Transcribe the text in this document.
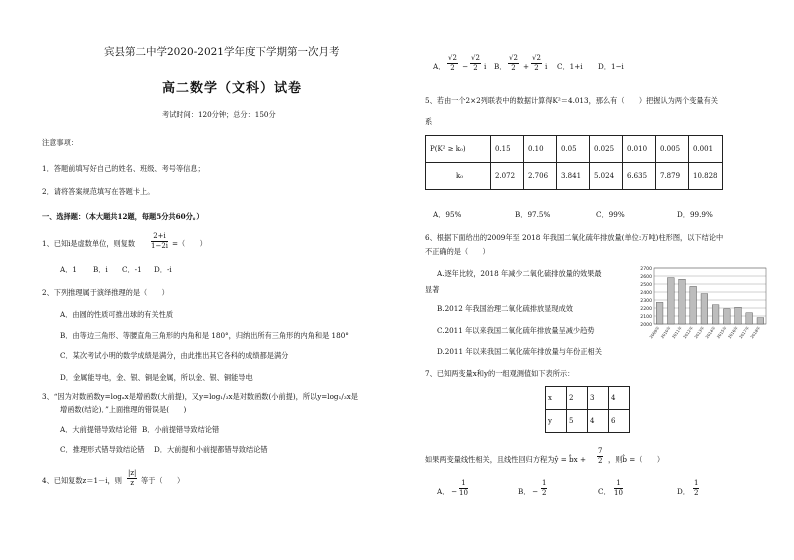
宾县第二中学2020-2021学年度下学期第一次月考
高二数学（文科）试卷
考试时间：120分钟；总分：150分
注意事项：
1．答题前填写好自己的姓名、班级、考号等信息；
2．请将答案规范填写在答题卡上。
一、选择题：（本大题共12题，每题5分共60分。）
1、已知i是虚数单位，则复数 $\frac{2+i}{1-2i}$ =（　　）
A．1 B．i C．-1 D．-i
2、下列推理属于演绎推理的是（　　）
A．由圆的性质可推出球的有关性质
B．由等边三角形、等腰直角三角形的内角和是 180°，归纳出所有三角形的内角和是 180°
C．某次考试小明的数学成绩是满分，由此推出其它各科的成绩都是满分
D．金属能导电，金、银、铜是金属，所以金、银、铜能导电
3、“因为对数函数y=logₐx是增函数(大前提)，又y=log₁/₃x是对数函数(小前提)，所以y=log₁/₃x是
增函数(结论)．”上面推理的错误是(　　)
A．大前提错导致结论错 B．小前提错导致结论错
C．推理形式错导致结论错 D．大前提和小前提都错导致结论错
4、已知复数z＝1－i，则 $\frac{|z|}{z}$ 等于（　　）
A． $\frac{√2}{2} - \frac{√2}{2}$ i B． $\frac{√2}{2} + \frac{√2}{2}$ i C．1+i D．1−i
5、若由一个2×2列联表中的数据计算得K²＝4.013，那么有（　　）把握认为两个变量有关
系
P(K² ≥ k₀)	0.15	0.10	0.05	0.025	0.010	0.005	0.001
k₀	2.072	2.706	3.841	5.024	6.635	7.879	10.828
A．95%	B．97.5%	C．99%	D．99.9%
6、根据下面给出的2009年至 2018 年我国二氧化硫年排放量(单位:万吨)柱形图，以下结论中
不正确的是（　　）
A.逐年比较，2018 年减少二氧化硫排放量的效果最
显著
B.2012 年我国治理二氧化硫排放显现成效
C.2011 年以来我国二氧化硫年排放量呈减少趋势
D.2011 年以来我国二氧化硫年排放量与年份正相关
2700
2600
2500
2400
2300
2200
2100
2000
2009年 2010年 2011年 2012年 2013年 2014年 2015年 2016年 2017年 2018年
7、已知两变量x和y的一组观测值如下表所示：
x	2	3	4
y	5	4	6
如果两变量线性相关，且线性回归方程为ŷ = b̂x + $\frac{7}{2}$ ，则b̂ =（　　）
A． − $\frac{1}{10}$	B． − $\frac{1}{2}$	C． $\frac{1}{10}$	D． $\frac{1}{2}$
